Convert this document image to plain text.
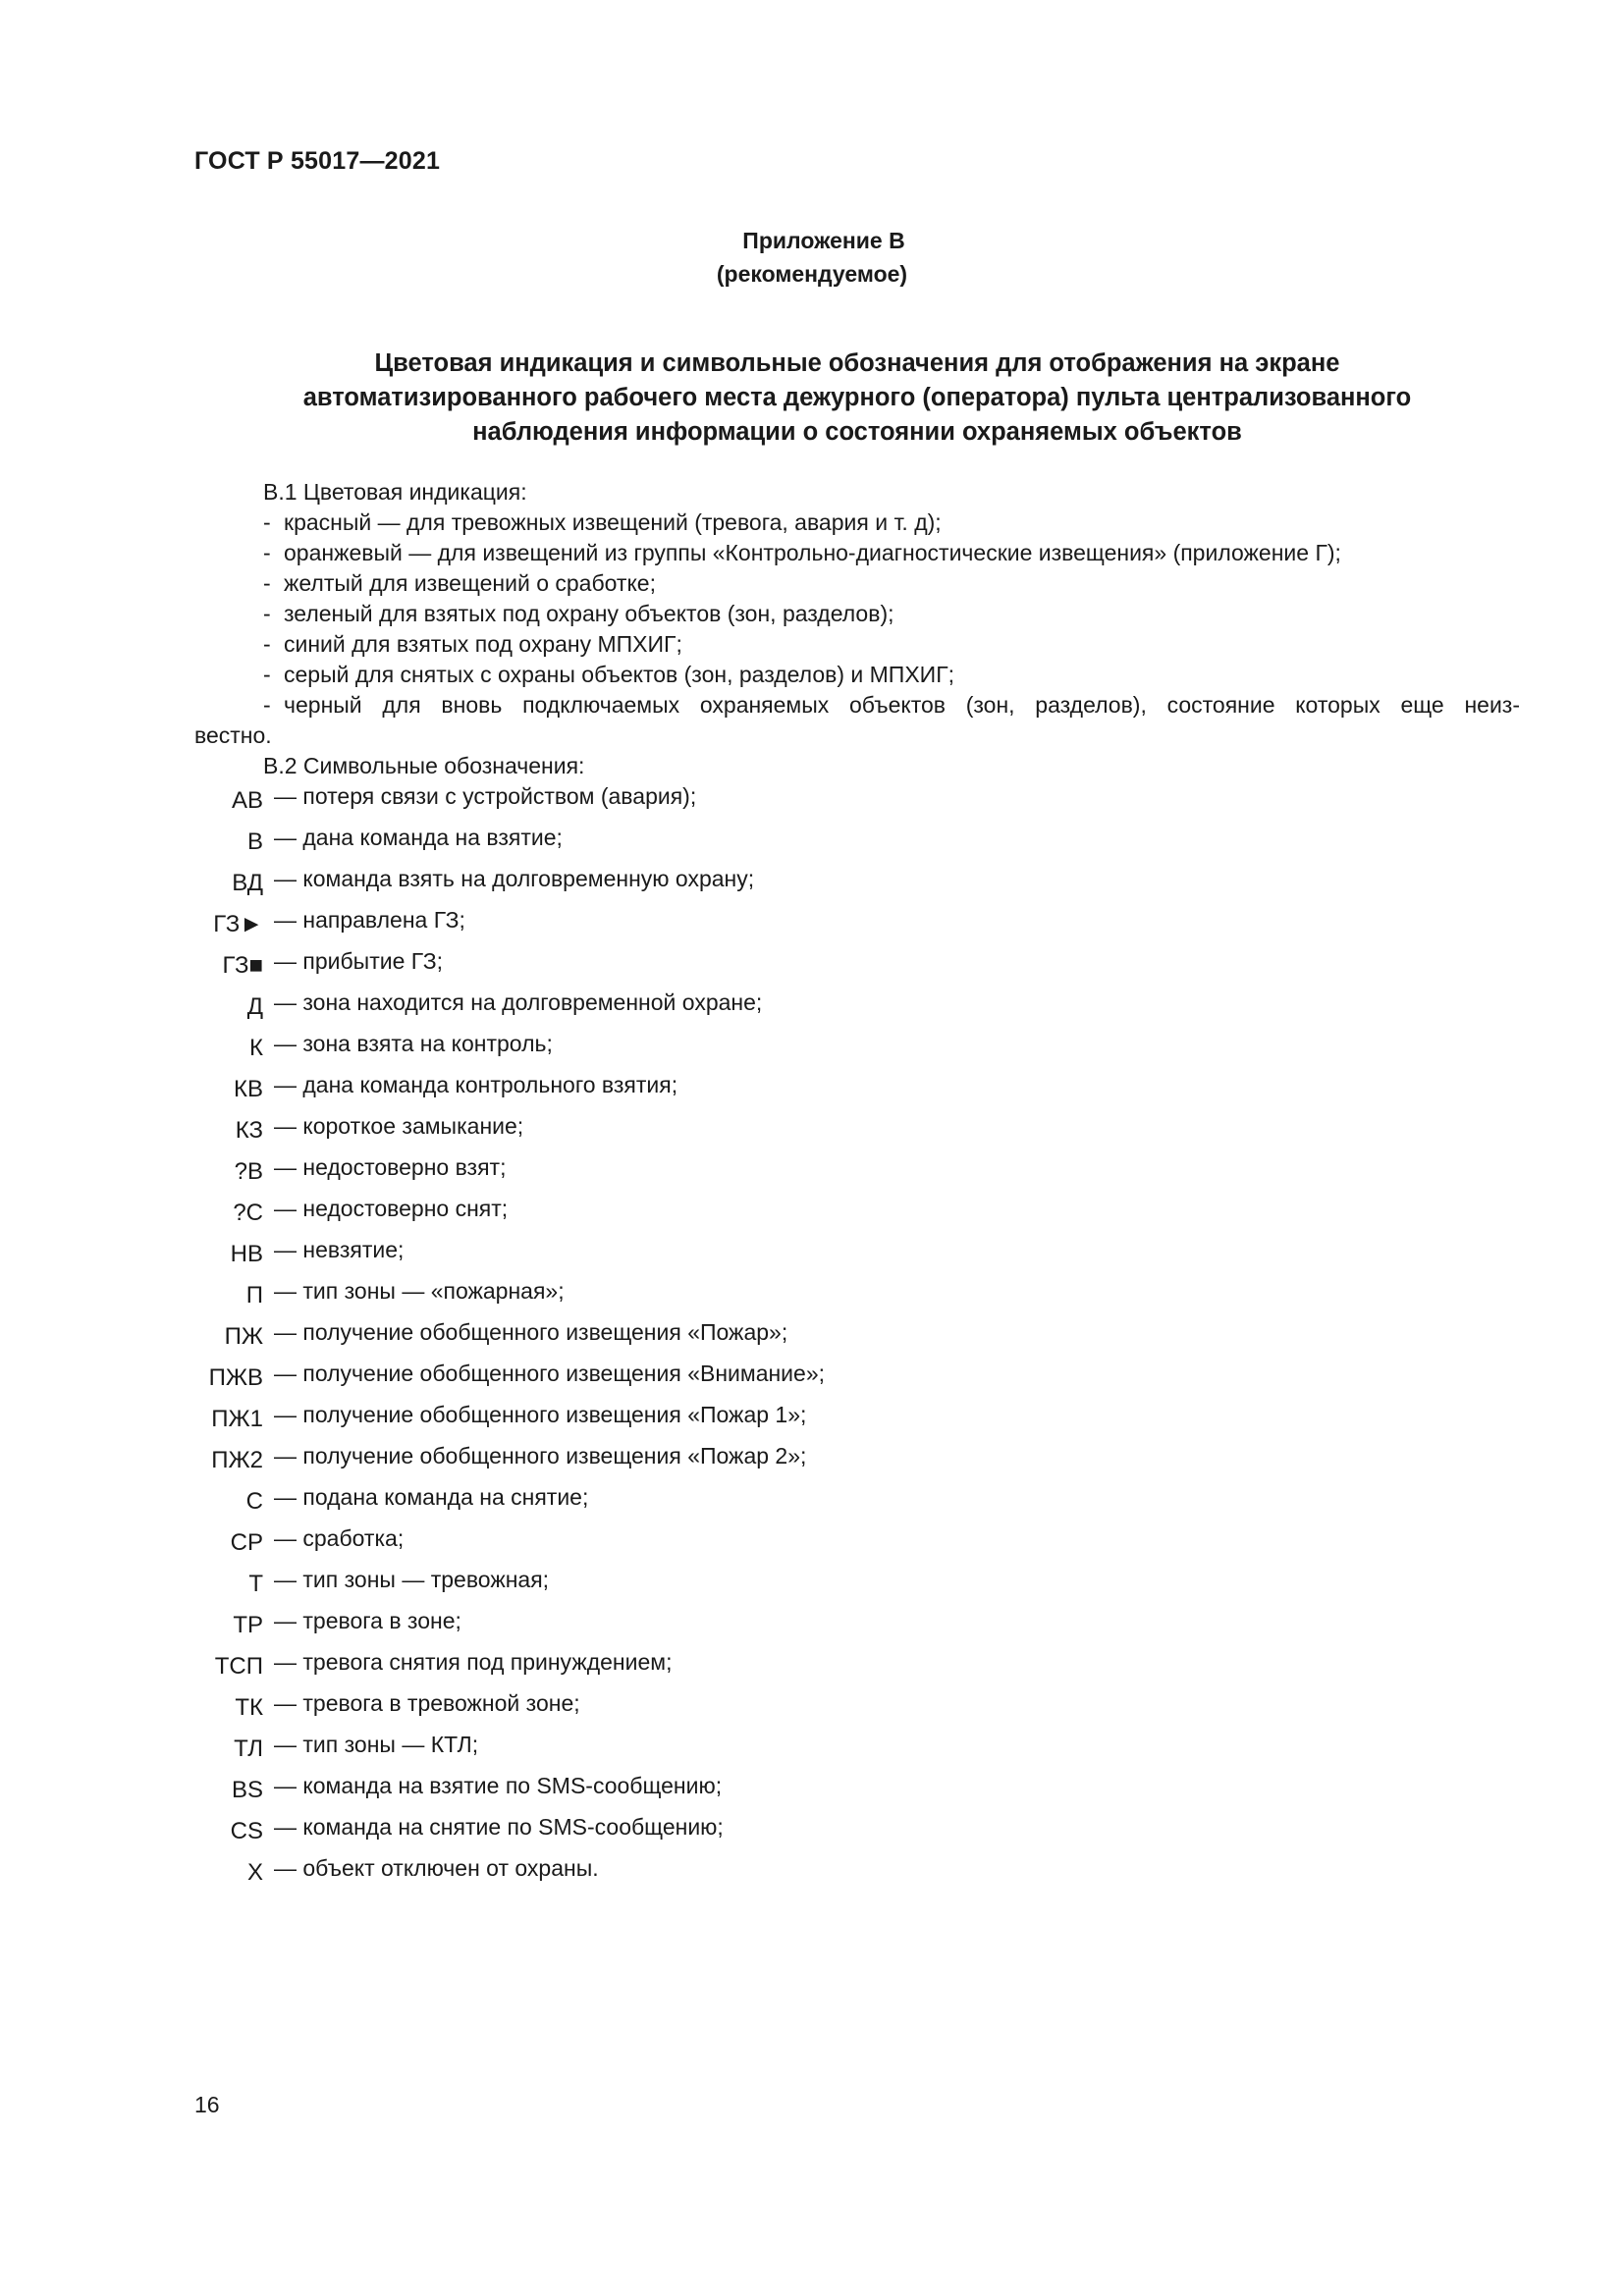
ГОСТ Р 55017—2021
Приложение В
(рекомендуемое)
Цветовая индикация и символьные обозначения для отображения на экране
автоматизированного рабочего места дежурного (оператора) пульта централизованного
наблюдения информации о состоянии охраняемых объектов
В.1 Цветовая индикация:
- красный — для тревожных извещений (тревога, авария и т. д);
- оранжевый — для извещений из группы «Контрольно-диагностические извещения» (приложение Г);
- желтый для извещений о сработке;
- зеленый для взятых под охрану объектов (зон, разделов);
- синий для взятых под охрану МПХИГ;
- серый для снятых с охраны объектов (зон, разделов) и МПХИГ;
- черный для вновь подключаемых охраняемых объектов (зон, разделов), состояние которых еще неиз-
вестно.
В.2 Символьные обозначения:
АВ — потеря связи с устройством (авария);
В — дана команда на взятие;
ВД — команда взять на долговременную охрану;
ГЗ► — направлена ГЗ;
ГЗ■ — прибытие ГЗ;
Д — зона находится на долговременной охране;
К — зона взята на контроль;
КВ — дана команда контрольного взятия;
КЗ — короткое замыкание;
?В — недостоверно взят;
?С — недостоверно снят;
НВ — невзятие;
П — тип зоны — «пожарная»;
ПЖ — получение обобщенного извещения «Пожар»;
ПЖВ — получение обобщенного извещения «Внимание»;
ПЖ1 — получение обобщенного извещения «Пожар 1»;
ПЖ2 — получение обобщенного извещения «Пожар 2»;
С — подана команда на снятие;
СР — сработка;
Т — тип зоны — тревожная;
ТР — тревога в зоне;
ТСП — тревога снятия под принуждением;
ТК — тревога в тревожной зоне;
ТЛ — тип зоны — КТЛ;
BS — команда на взятие по SMS-сообщению;
CS — команда на снятие по SMS-сообщению;
Х — объект отключен от охраны.
16
